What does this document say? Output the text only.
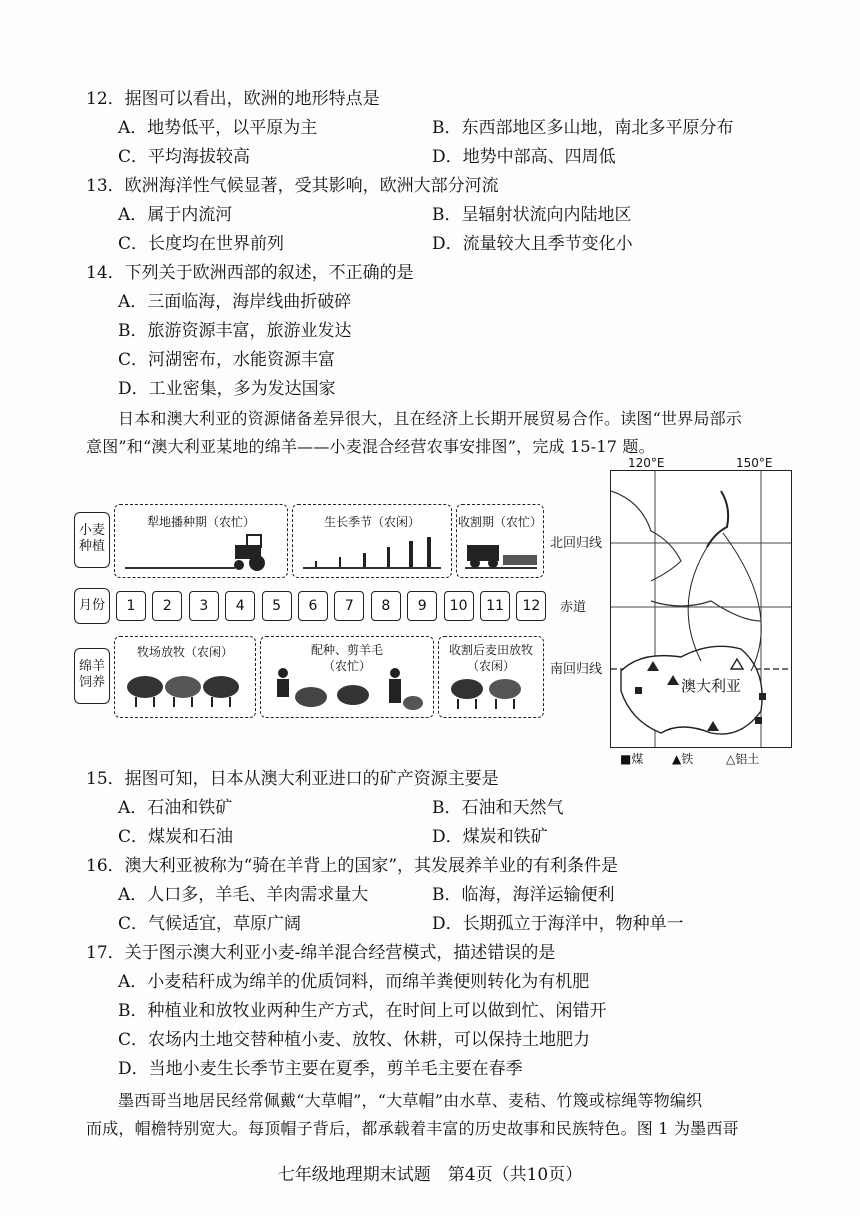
12．据图可以看出，欧洲的地形特点是
A．地势低平，以平原为主	B．东西部地区多山地，南北多平原分布
C．平均海拔较高	D．地势中部高、四周低
13．欧洲海洋性气候显著，受其影响，欧洲大部分河流
A．属于内流河	B．呈辐射状流向内陆地区
C．长度均在世界前列	D．流量较大且季节变化小
14．下列关于欧洲西部的叙述，不正确的是
A．三面临海，海岸线曲折破碎
B．旅游资源丰富，旅游业发达
C．河湖密布，水能资源丰富
D．工业密集，多为发达国家
日本和澳大利亚的资源储备差异很大，且在经济上长期开展贸易合作。读图“世界局部示
意图”和“澳大利亚某地的绵羊——小麦混合经营农事安排图”，完成 15-17 题。
小麦种植
月份
绵羊饲养
犁地播种期（农忙）	生长季节（农闲）	收割期（农忙）
1	2	3	4	5	6	7	8	9	10	11	12
牧场放牧（农闲）	配种、剪羊毛
（农忙）
收割后麦田放牧
（农闲）
120°E	150°E
澳大利亚
■煤 ▲铁	△铝土
北回归线
赤道
南回归线
15．据图可知，日本从澳大利亚进口的矿产资源主要是
A．石油和铁矿	B．石油和天然气
C．煤炭和石油	D．煤炭和铁矿
16．澳大利亚被称为“骑在羊背上的国家”，其发展养羊业的有利条件是
A．人口多，羊毛、羊肉需求量大	B．临海，海洋运输便利
C．气候适宜，草原广阔	D．长期孤立于海洋中，物种单一
17．关于图示澳大利亚小麦-绵羊混合经营模式，描述错误的是
A．小麦秸秆成为绵羊的优质饲料，而绵羊粪便则转化为有机肥
B．种植业和放牧业两种生产方式，在时间上可以做到忙、闲错开
C．农场内土地交替种植小麦、放牧、休耕，可以保持土地肥力
D．当地小麦生长季节主要在夏季，剪羊毛主要在春季
墨西哥当地居民经常佩戴“大草帽”，“大草帽”由水草、麦秸、竹篾或棕绳等物编织
而成，帽檐特别宽大。每顶帽子背后，都承载着丰富的历史故事和民族特色。图 1 为墨西哥
七年级地理期末试题　第4页（共10页）
